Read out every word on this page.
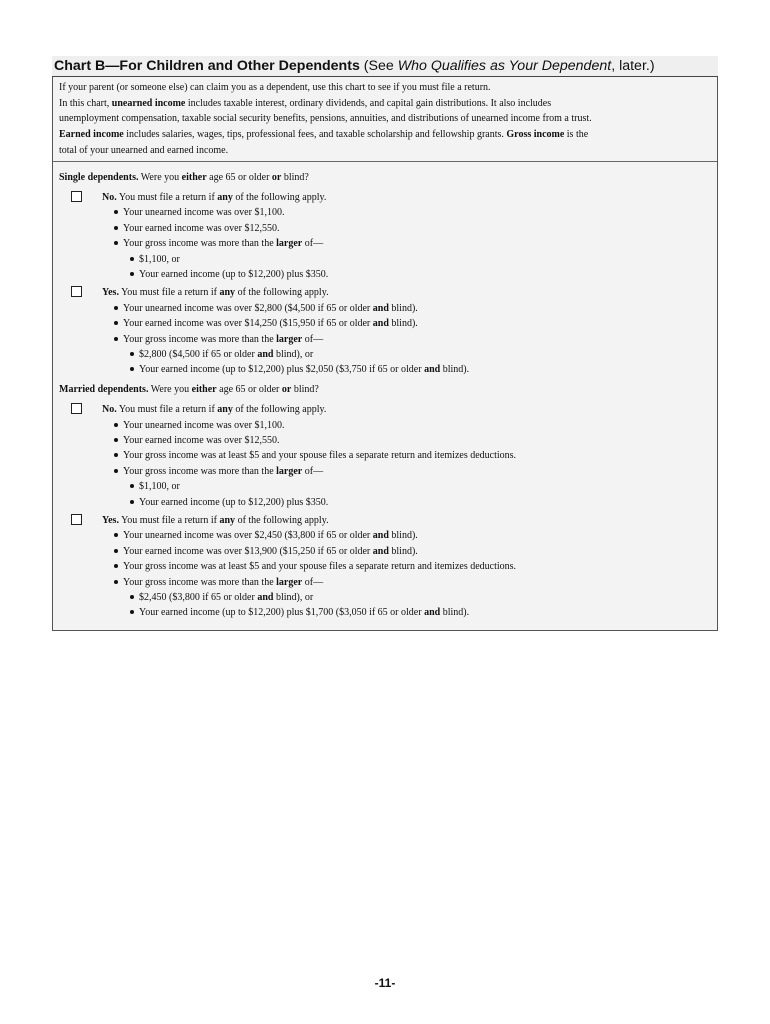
Chart B—For Children and Other Dependents (See Who Qualifies as Your Dependent, later.)

If your parent (or someone else) can claim you as a dependent, use this chart to see if you must file a return.

In this chart, unearned income includes taxable interest, ordinary dividends, and capital gain distributions. It also includes

unemployment compensation, taxable social security benefits, pensions, annuities, and distributions of unearned income from a trust.

Earned income includes salaries, wages, tips, professional fees, and taxable scholarship and fellowship grants. Gross income is the

total of your unearned and earned income.

Single dependents. Were you either age 65 or older or blind?
No. You must file a return if any of the following apply.
Your unearned income was over $1,100.
Your earned income was over $12,550.
Your gross income was more than the larger of—
$1,100, or
Your earned income (up to $12,200) plus $350.
Yes. You must file a return if any of the following apply.
Your unearned income was over $2,800 ($4,500 if 65 or older and blind).
Your earned income was over $14,250 ($15,950 if 65 or older and blind).
Your gross income was more than the larger of—
$2,800 ($4,500 if 65 or older and blind), or
Your earned income (up to $12,200) plus $2,050 ($3,750 if 65 or older and blind).
Married dependents. Were you either age 65 or older or blind?
No. You must file a return if any of the following apply.
Your unearned income was over $1,100.
Your earned income was over $12,550.
Your gross income was at least $5 and your spouse files a separate return and itemizes deductions.
Your gross income was more than the larger of—
$1,100, or
Your earned income (up to $12,200) plus $350.
Yes. You must file a return if any of the following apply.
Your unearned income was over $2,450 ($3,800 if 65 or older and blind).
Your earned income was over $13,900 ($15,250 if 65 or older and blind).
Your gross income was at least $5 and your spouse files a separate return and itemizes deductions.
Your gross income was more than the larger of—
$2,450 ($3,800 if 65 or older and blind), or
Your earned income (up to $12,200) plus $1,700 ($3,050 if 65 or older and blind).
-11-
